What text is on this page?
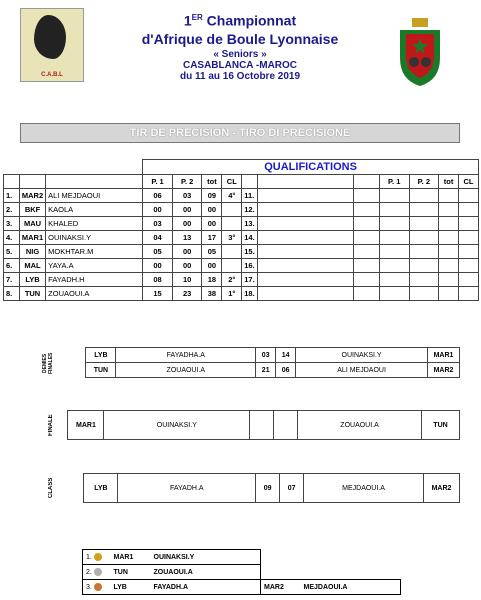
C.A.B.L
1ER Championnat
d'Afrique de Boule Lyonnaise
« Seniors »
CASABLANCA -MAROC
du 11 au 16 Octobre 2019
TIR DE PRECISION - TIRO DI PRECISIONE
			QUALIFICATIONS										
			P. 1	P. 2	tot	CL				P. 1	P. 2	tot	CL
1.	MAR2	ALI MEJDAOUI	06	03	09	4°	11.						
2.	BKF	KAOLA	00	00	00		12.						
3.	MAU	KHALED	03	00	00		13.						
4.	MAR1	OUINAKSI.Y	04	13	17	3°	14.						
5.	NIG	MOKHTAR.M	05	00	05		15.						
6.	MAL	YAYA.A	00	00	00		16.						
7.	LYB	FAYADH.H	08	10	18	2°	17.						
8.	TUN	ZOUAOUI.A	15	23	38	1°	18.						
DEMIES FINALES	LYB	FAYADHA.A	03	14	OUINAKSI.Y	MAR1
	TUN	ZOUAOUI.A	21	06	ALI MEJDAOUI	MAR2
FINALE	MAR1	OUINAKSI.Y			ZOUAOUI.A	TUN
CLASS	LYB	FAYADH.A	09	07	MEJDAOUI.A	MAR2
1.	MAR1	OUINAKSI.Y		
2.	TUN	ZOUAOUI.A		
3.	LYB	FAYADH.A	MAR2	MEJDAOUI.A
